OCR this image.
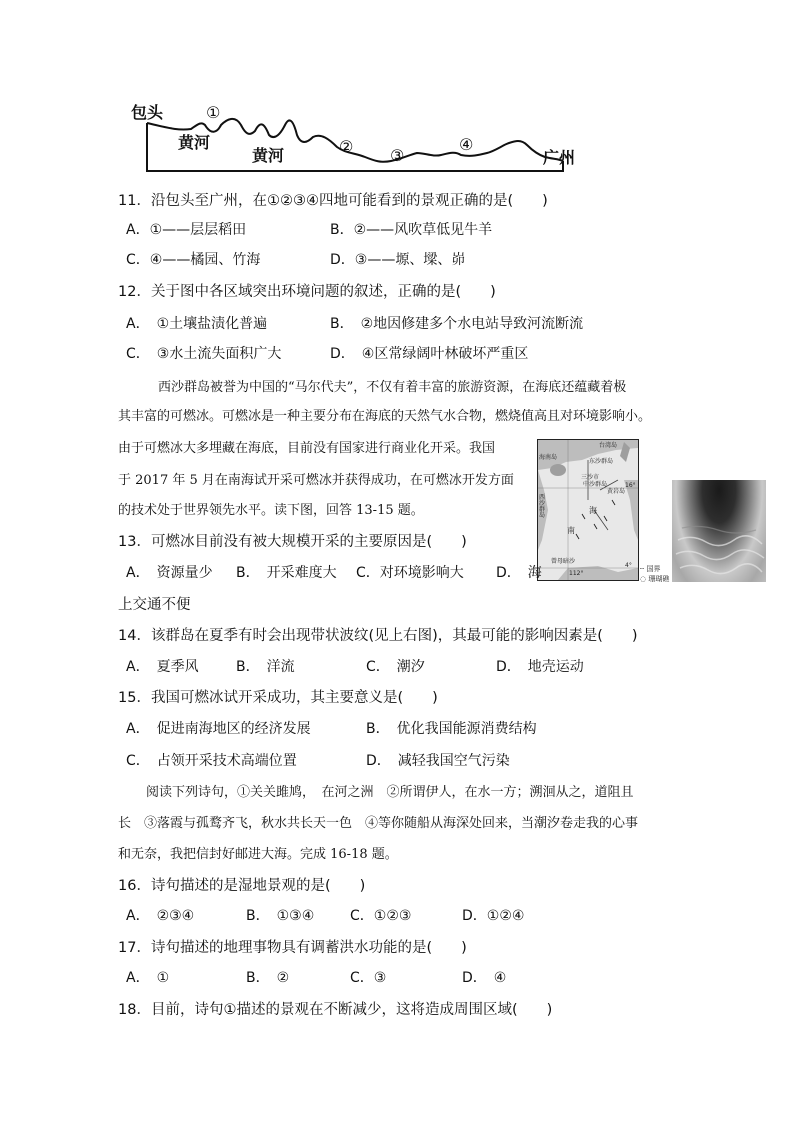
包头
广州
黄河
黄河
①
② ③
④
11．沿包头至广州，在①②③④四地可能看到的景观正确的是(　　)
A．①——层层稻田	B．②——风吹草低见牛羊
C．④——橘园、竹海	D．③——塬、墚、峁
12．关于图中各区域突出环境问题的叙述，正确的是(　　)
A．　①土壤盐渍化普遍	B．　②地因修建多个水电站导致河流断流
C．　③水土流失面积广大	D．　④区常绿阔叶林破坏严重区
西沙群岛被誉为中国的“马尔代夫”，不仅有着丰富的旅游资源，在海底还蕴藏着极
其丰富的可燃冰。可燃冰是一种主要分布在海底的天然气水合物，燃烧值高且对环境影响小。
由于可燃冰大多埋藏在海底，目前没有国家进行商业化开采。我国
于 2017 年 5 月在南海试开采可燃冰并获得成功，在可燃冰开发方面
的技术处于世界领先水平。读下图，回答 13-15 题。
台湾岛
海南岛
东沙群岛
三沙市
中沙群岛
西沙群岛
黄岩岛
南
海
曾母暗沙
16°
4°
112°
┄ 国界
◌ 珊瑚礁
13．可燃冰目前没有被大规模开采的主要原因是(　　)
A．　资源量少 B．　开采难度大 C．对环境影响大 D．　海
上交通不便
14．该群岛在夏季有时会出现带状波纹(见上右图)，其最可能的影响因素是(　　)
A．　夏季风	B．　洋流	C．　潮汐	D．　地壳运动
15．我国可燃冰试开采成功，其主要意义是(　　)
A．　促进南海地区的经济发展	B．　优化我国能源消费结构
C．　占领开采技术高端位置	D．　减轻我国空气污染
阅读下列诗句，①关关雎鸠，　在河之洲　②所谓伊人，在水一方；溯洄从之，道阻且
长　③落霞与孤鹜齐飞，秋水共长天一色　④等你随船从海深处回来，当潮汐卷走我的心事
和无奈，我把信封好邮进大海。完成 16-18 题。
16．诗句描述的是湿地景观的是(　　)
A．　②③④	B．　①③④	C．①②③	D．①②④
17．诗句描述的地理事物具有调蓄洪水功能的是(　　)
A．　①	B．　②	C．③	D．　④
18．目前，诗句①描述的景观在不断减少，这将造成周围区域(　　)
